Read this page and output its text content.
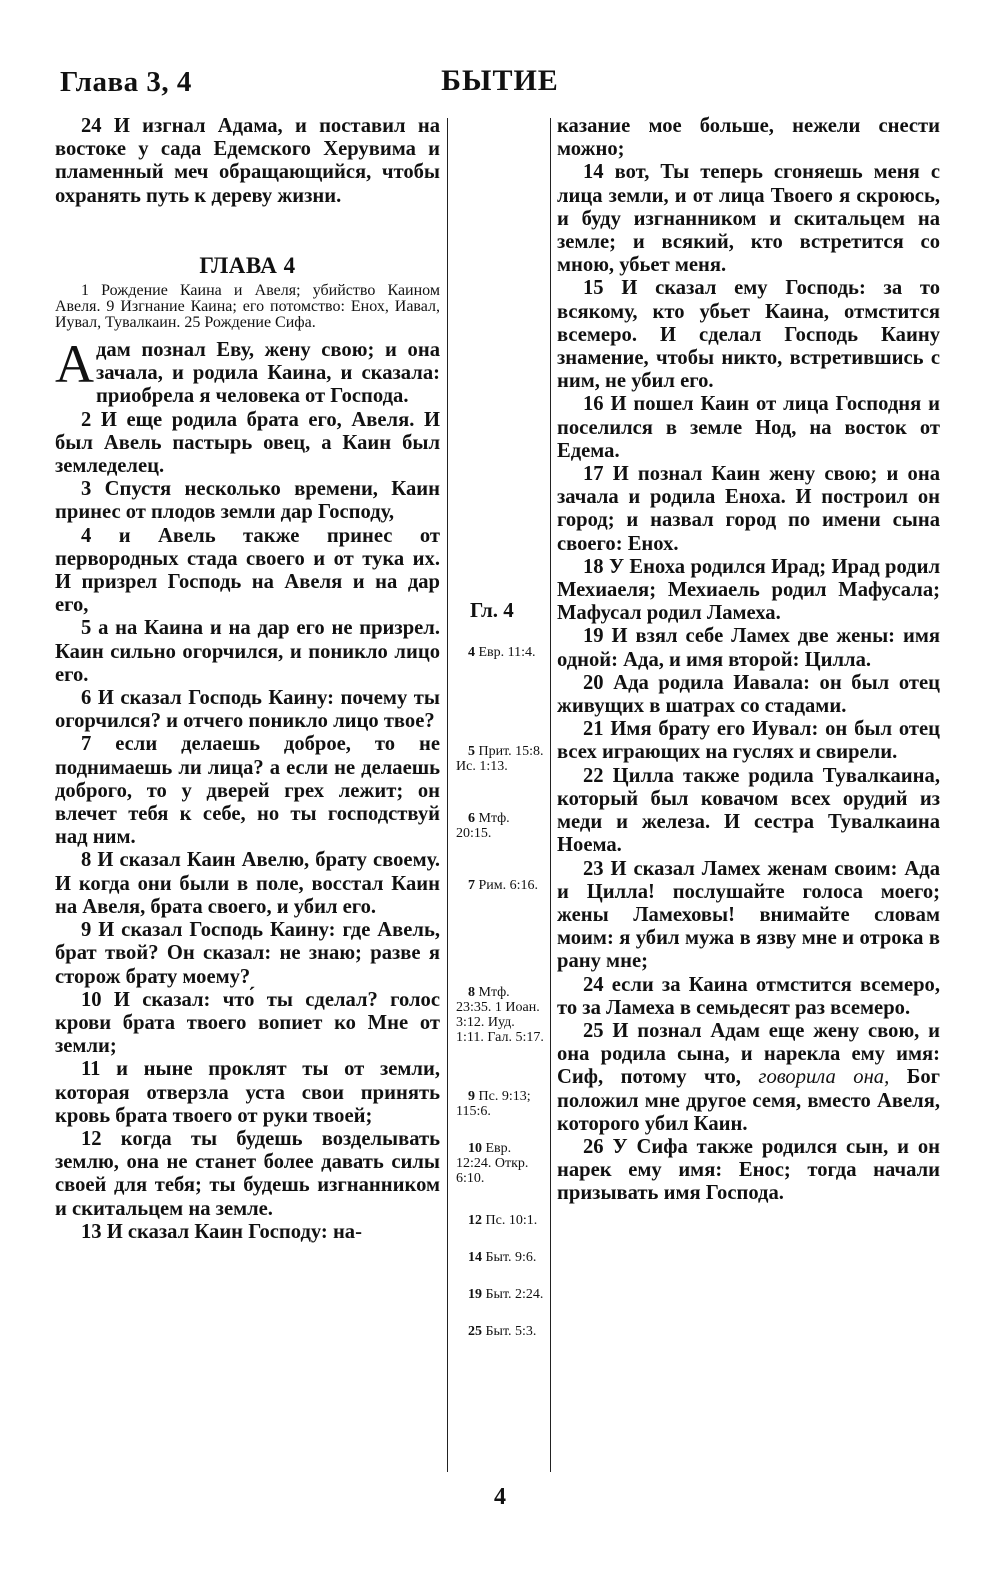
Глава 3, 4	БЫТИЕ

24 И изгнал Адама, и поставил на востоке у сада Едемского Херувима и пламенный меч обращающийся, чтобы охранять путь к дереву жизни.

ГЛАВА 4
1 Рождение Каина и Авеля; убийство Каином Авеля. 9 Изгнание Каина; его потомство: Енох, Иавал, Иувал, Тувалкаин. 25 Рождение Сифа.

Адам познал Еву, жену свою; и она зачала, и родила Каина, и сказала: приобрела я человека от Господа.

2 И еще родила брата его, Авеля. И был Авель пастырь овец, а Каин был земледелец.

3 Спустя несколько времени, Каин принес от плодов земли дар Господу,

4 и Авель также принес от первородных стада своего и от тука их. И призрел Господь на Авеля и на дар его,

5 а на Каина и на дар его не призрел. Каин сильно огорчился, и поникло лицо его.

6 И сказал Господь Каину: почему ты огорчился? и отчего поникло лицо твое?

7 если делаешь доброе, то не поднимаешь ли лица? а если не делаешь доброго, то у дверей грех лежит; он влечет тебя к себе, но ты господствуй над ним.

8 И сказал Каин Авелю, брату своему. И когда они были в поле, восстал Каин на Авеля, брата своего, и убил его.

9 И сказал Господь Каину: где Авель, брат твой? Он сказал: не знаю; разве я сторож брату моему?

10 И сказал: что́ ты сделал? голос крови брата твоего вопиет ко Мне от земли;

11 и ныне проклят ты от земли, которая отверзла уста свои принять кровь брата твоего от руки твоей;

12 когда ты будешь возделывать землю, она не станет более давать силы своей для тебя; ты будешь изгнанником и скитальцем на земле.

13 И сказал Каин Господу: на-

Гл. 4
4 Евр. 11:4.
5 Прит. 15:8. Ис. 1:13.
6 Мтф. 20:15.
7 Рим. 6:16.
8 Мтф. 23:35. 1 Иоан. 3:12. Иуд. 1:11. Гал. 5:17.
9 Пс. 9:13; 115:6.
10 Евр. 12:24. Откр. 6:10.
12 Пс. 10:1.
14 Быт. 9:6.
19 Быт. 2:24.
25 Быт. 5:3.

казание мое больше, нежели снести можно;

14 вот, Ты теперь сгоняешь меня с лица земли, и от лица Твоего я скроюсь, и буду изгнанником и скитальцем на земле; и всякий, кто встретится со мною, убьет меня.

15 И сказал ему Господь: за то всякому, кто убьет Каина, отмстится всемеро. И сделал Господь Каину знамение, чтобы никто, встретившись с ним, не убил его.

16 И пошел Каин от лица Господня и поселился в земле Нод, на восток от Едема.

17 И познал Каин жену свою; и она зачала и родила Еноха. И построил он город; и назвал город по имени сына своего: Енох.

18 У Еноха родился Ирад; Ирад родил Мехиаеля; Мехиаель родил Мафусала; Мафусал родил Ламеха.

19 И взял себе Ламех две жены: имя одной: Ада, и имя второй: Цилла.

20 Ада родила Иавала: он был отец живущих в шатрах со стадами.

21 Имя брату его Иувал: он был отец всех играющих на гуслях и свирели.

22 Цилла также родила Тувалкаина, который был ковачом всех орудий из меди и железа. И сестра Тувалкаина Ноема.

23 И сказал Ламех женам своим: Ада и Цилла! послушайте голоса моего; жены Ламеховы! внимайте словам моим: я убил мужа в язву мне и отрока в рану мне;

24 если за Каина отмстится всемеро, то за Ламеха в семьдесят раз всемеро.

25 И познал Адам еще жену свою, и она родила сына, и нарекла ему имя: Сиф, потому что, говорила она, Бог положил мне другое семя, вместо Авеля, которого убил Каин.

26 У Сифа также родился сын, и он нарек ему имя: Енос; тогда начали призывать имя Господа.

4
